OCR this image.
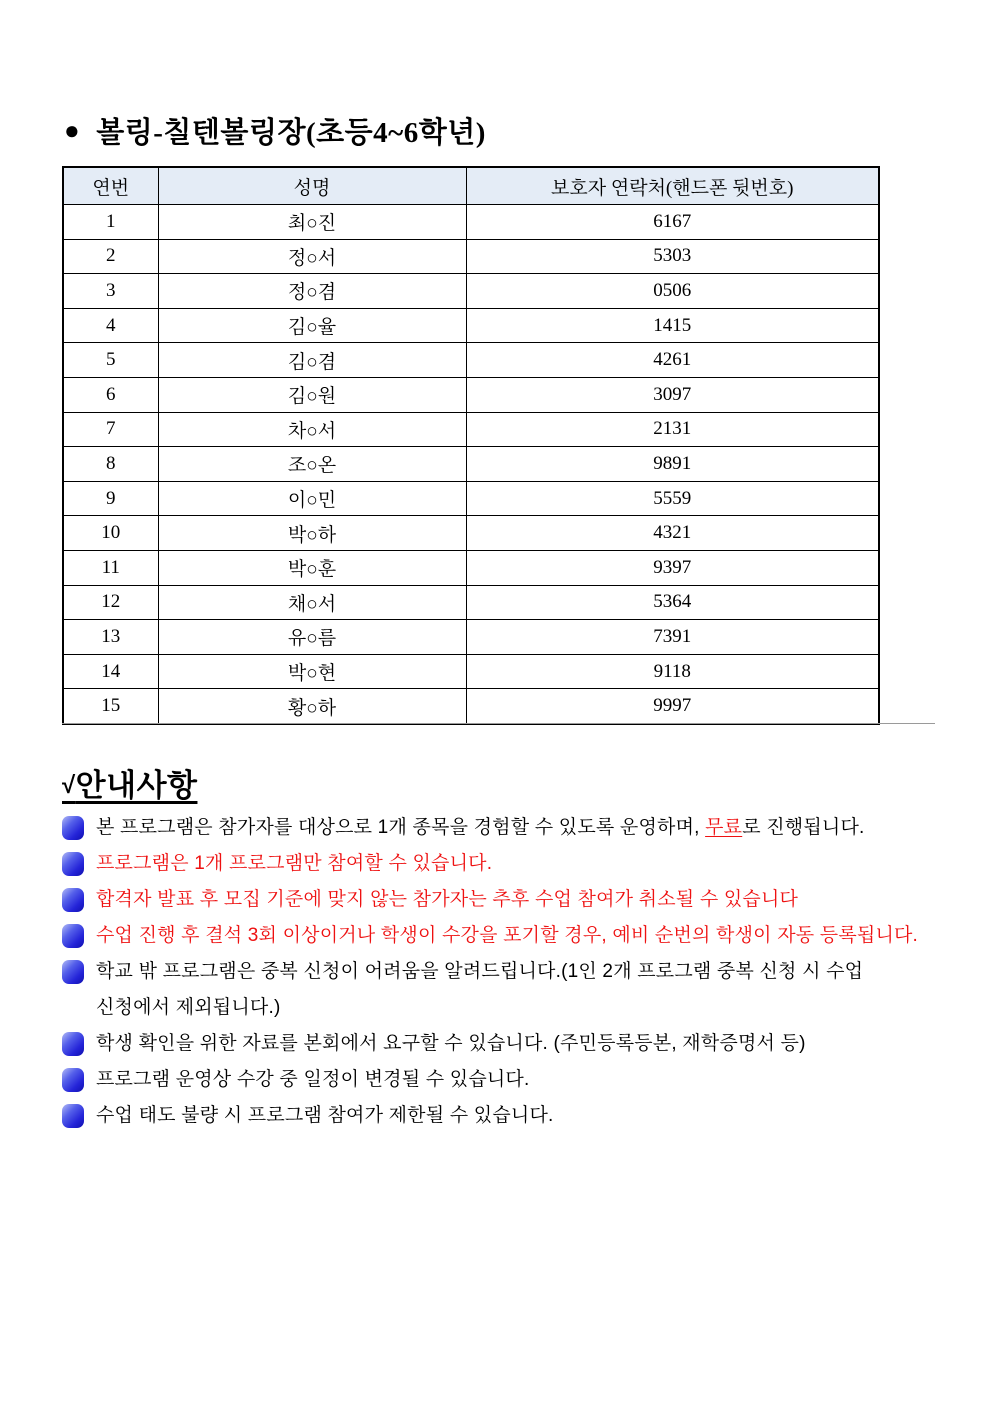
● 볼링-칠텐볼링장(초등4~6학년)
연번	성명	보호자 연락처(핸드폰 뒷번호)
1	최○진	6167
2	정○서	5303
3	정○겸	0506
4	김○율	1415
5	김○겸	4261
6	김○원	3097
7	차○서	2131
8	조○온	9891
9	이○민	5559
10	박○하	4321
11	박○훈	9397
12	채○서	5364
13	유○름	7391
14	박○현	9118
15	황○하	9997
√안내사항
본 프로그램은 참가자를 대상으로 1개 종목을 경험할 수 있도록 운영하며, 무료로 진행됩니다.
프로그램은 1개 프로그램만 참여할 수 있습니다.
합격자 발표 후 모집 기준에 맞지 않는 참가자는 추후 수업 참여가 취소될 수 있습니다
수업 진행 후 결석 3회 이상이거나 학생이 수강을 포기할 경우, 예비 순번의 학생이 자동 등록됩니다.
학교 밖 프로그램은 중복 신청이 어려움을 알려드립니다.(1인 2개 프로그램 중복 신청 시 수업 신청에서 제외됩니다.)
학생 확인을 위한 자료를 본회에서 요구할 수 있습니다. (주민등록등본, 재학증명서 등)
프로그램 운영상 수강 중 일정이 변경될 수 있습니다.
수업 태도 불량 시 프로그램 참여가 제한될 수 있습니다.
